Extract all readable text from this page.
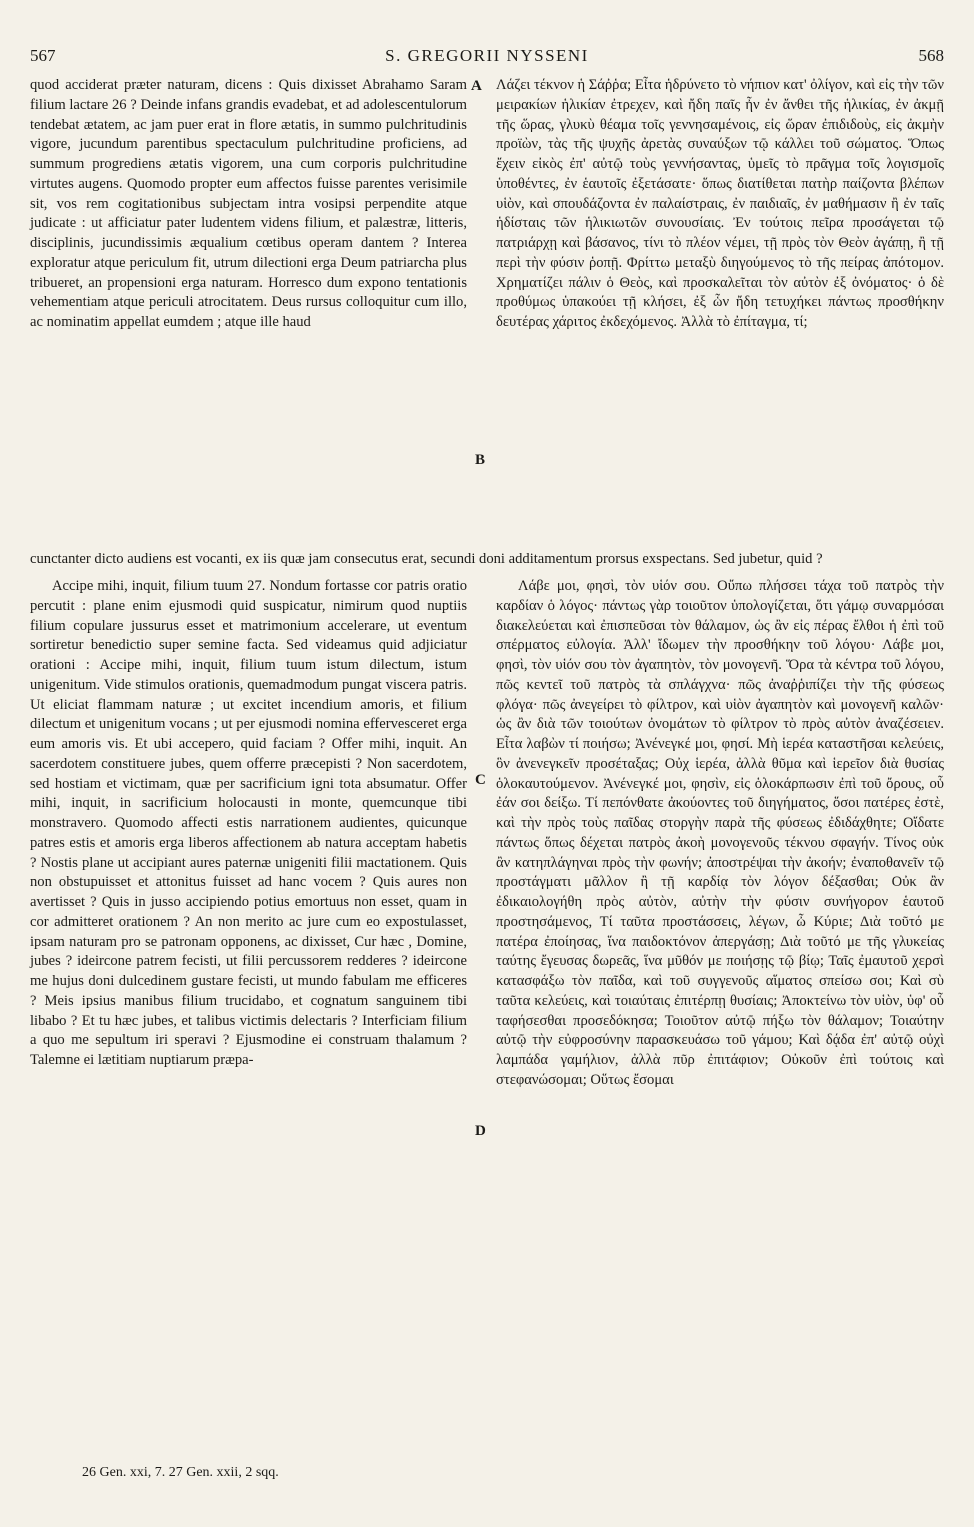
567	S. GREGORII NYSSENI	568

quod acciderat præter naturam, dicens : Quis dixisset Abrahamo Saram filium lactare 26 ? Deinde infans grandis evadebat, et ad adolescentulorum tendebat ætatem, ac jam puer erat in flore ætatis, in summo pulchritudinis vigore, jucundum parentibus spectaculum pulchritudine proficiens, ad summum progrediens ætatis vigorem, una cum corporis pulchritudine virtutes augens. Quomodo propter eum affectos fuisse parentes verisimile sit, vos rem cogitationibus subjectam intra vosipsi perpendite atque judicate : ut afficiatur pater ludentem videns filium, et palæstræ, litteris, disciplinis, jucundissimis æqualium cœtibus operam dantem ? Interea exploratur atque periculum fit, utrum dilectioni erga Deum patriarcha plus tribueret, an propensioni erga naturam. Horresco dum expono tentationis vehementiam atque periculi atrocitatem. Deus rursus colloquitur cum illo, ac nominatim appellat eumdem ; atque ille haud

Λάζει τέκνον ἡ Σάῤῥα; Εἶτα ἡδρύνετο τὸ νήπιον κατ' ὀλίγον, καὶ εἰς τὴν τῶν μειρακίων ἡλικίαν ἐτρεχεν, καὶ ἤδη παῖς ἦν ἐν ἄνθει τῆς ἡλικίας, ἐν ἀκμῇ τῆς ὥρας, γλυκὺ θέαμα τοῖς γεννησαμένοις, εἰς ὥραν ἐπιδιδοὺς, εἰς ἀκμὴν προϊὼν, τὰς τῆς ψυχῆς ἀρετὰς συναύξων τῷ κάλλει τοῦ σώματος. Ὅπως ἔχειν εἰκὸς ἐπ' αὐτῷ τοὺς γεννήσαντας, ὑμεῖς τὸ πρᾶγμα τοῖς λογισμοῖς ὑποθέντες, ἐν ἑαυτοῖς ἐξετάσατε· ὅπως διατίθεται πατὴρ παίζοντα βλέπων υἱὸν, καὶ σπουδάζοντα ἐν παλαίστραις, ἐν παιδιαῖς, ἐν μαθήμασιν ἢ ἐν ταῖς ἡδίσταις τῶν ἡλικιωτῶν συνουσίαις. Ἐν τούτοις πεῖρα προσάγεται τῷ πατριάρχῃ καὶ βάσανος, τίνι τὸ πλέον νέμει, τῇ πρὸς τὸν Θεὸν ἀγάπῃ, ἢ τῇ περὶ τὴν φύσιν ῥοπῇ. Φρίττω μεταξὺ διηγούμενος τὸ τῆς πείρας ἀπότομον. Χρηματίζει πάλιν ὁ Θεὸς, καὶ προσκαλεῖται τὸν αὐτὸν ἐξ ὀνόματος· ὁ δὲ προθύμως ὑπακούει τῇ κλήσει, ἐξ ὧν ἤδη τετυχήκει πάντως προσθήκην δευτέρας χάριτος ἐκδεχόμενος. Ἀλλὰ τὸ ἐπίταγμα, τί;

cunctanter dicto audiens est vocanti, ex iis quæ jam consecutus erat, secundi doni additamentum prorsus exspectans. Sed jubetur, quid ?

Accipe mihi, inquit, filium tuum 27. Nondum fortasse cor patris oratio percutit : plane enim ejusmodi quid suspicatur, nimirum quod nuptiis filium copulare jussurus esset et matrimonium accelerare, ut eventum sortiretur benedictio super semine facta. Sed videamus quid adjiciatur orationi : Accipe mihi, inquit, filium tuum istum dilectum, istum unigenitum. Vide stimulos orationis, quemadmodum pungat viscera patris. Ut eliciat flammam naturæ ; ut excitet incendium amoris, et filium dilectum et unigenitum vocans ; ut per ejusmodi nomina effervesceret erga eum amoris vis. Et ubi accepero, quid faciam ? Offer mihi, inquit. An sacerdotem constituere jubes, quem offerre præcepisti ? Non sacerdotem, sed hostiam et victimam, quæ per sacrificium igni tota absumatur. Offer mihi, inquit, in sacrificium holocausti in monte, quemcunque tibi monstravero. Quomodo affecti estis narrationem audientes, quicunque patres estis et amoris erga liberos affectionem ab natura acceptam habetis ? Nostis plane ut accipiant aures paternæ unigeniti filii mactationem. Quis non obstupuisset et attonitus fuisset ad hanc vocem ? Quis aures non avertisset ? Quis in jusso accipiendo potius emortuus non esset, quam in cor admitteret orationem ? An non merito ac jure cum eo expostulasset, ipsam naturam pro se patronam opponens, ac dixisset, Cur hæc , Domine, jubes ? ideircone patrem fecisti, ut filii percussorem redderes ? ideircone me hujus doni dulcedinem gustare fecisti, ut mundo fabulam me efficeres ? Meis ipsius manibus filium trucidabo, et cognatum sanguinem tibi libabo ? Et tu hæc jubes, et talibus victimis delectaris ? Interficiam filium a quo me sepultum iri speravi ? Ejusmodine ei construam thalamum ? Talemne ei lætitiam nuptiarum præpa-

Λάβε μοι, φησὶ, τὸν υἱόν σου. Οὔπω πλήσσει τάχα τοῦ πατρὸς τὴν καρδίαν ὁ λόγος· πάντως γὰρ τοιοῦτον ὑπολογίζεται, ὅτι γάμῳ συναρμόσαι διακελεύεται καὶ ἐπισπεῦσαι τὸν θάλαμον, ὡς ἂν εἰς πέρας ἔλθοι ἡ ἐπὶ τοῦ σπέρματος εὐλογία. Ἀλλ' ἴδωμεν τὴν προσθήκην τοῦ λόγου· Λάβε μοι, φησὶ, τὸν υἱόν σου τὸν ἀγαπητὸν, τὸν μονογενῆ. Ὅρα τὰ κέντρα τοῦ λόγου, πῶς κεντεῖ τοῦ πατρὸς τὰ σπλάγχνα· πῶς ἀναῤῥιπίζει τὴν τῆς φύσεως φλόγα· πῶς ἀνεγείρει τὸ φίλτρον, καὶ υἱὸν ἀγαπητὸν καὶ μονογενῆ καλῶν· ὡς ἂν διὰ τῶν τοιούτων ὀνομάτων τὸ φίλτρον τὸ πρὸς αὐτὸν ἀναζέσειεν. Εἶτα λαβὼν τί ποιήσω; Ἀνένεγκέ μοι, φησί. Μὴ ἱερέα καταστῆσαι κελεύεις, ὃν ἀνενεγκεῖν προσέταξας; Οὐχ ἱερέα, ἀλλὰ θῦμα καὶ ἱερεῖον διὰ θυσίας ὁλοκαυτούμενον. Ἀνένεγκέ μοι, φησὶν, εἰς ὁλοκάρπωσιν ἐπὶ τοῦ ὄρους, οὗ ἐάν σοι δείξω. Τί πεπόνθατε ἀκούοντες τοῦ διηγήματος, ὅσοι πατέρες ἐστὲ, καὶ τὴν πρὸς τοὺς παῖδας στοργὴν παρὰ τῆς φύσεως ἐδιδάχθητε; Οἴδατε πάντως ὅπως δέχεται πατρὸς ἀκοὴ μονογενοῦς τέκνου σφαγήν. Τίνος οὐκ ἂν κατηπλάγηναι πρὸς τὴν φωνήν; ἀποστρέψαι τὴν ἀκοήν; ἐναποθανεῖν τῷ προστάγματι μᾶλλον ἢ τῇ καρδίᾳ τὸν λόγον δέξασθαι; Οὐκ ἂν ἐδικαιολογήθη πρὸς αὐτὸν, αὐτὴν τὴν φύσιν συνήγορον ἑαυτοῦ προστησάμενος, Τί ταῦτα προστάσσεις, λέγων, ὦ Κύριε; Διὰ τοῦτό με πατέρα ἐποίησας, ἵνα παιδοκτόνον ἀπεργάσῃ; Διὰ τοῦτό με τῆς γλυκείας ταύτης ἔγευσας δωρεᾶς, ἵνα μῦθόν με ποιήσῃς τῷ βίῳ; Ταῖς ἐμαυτοῦ χερσὶ κατασφάξω τὸν παῖδα, καὶ τοῦ συγγενοῦς αἵματος σπείσω σοι; Καὶ σὺ ταῦτα κελεύεις, καὶ τοιαύταις ἐπιτέρπῃ θυσίαις; Ἀποκτείνω τὸν υἱὸν, ὑφ' οὗ ταφήσεσθαι προσεδόκησα; Τοιοῦτον αὐτῷ πήξω τὸν θάλαμον; Τοιαύτην αὐτῷ τὴν εὐφροσύνην παρασκευάσω τοῦ γάμου; Καὶ δᾴδα ἐπ' αὐτῷ οὐχὶ λαμπάδα γαμήλιον, ἀλλὰ πῦρ ἐπιτάφιον; Οὐκοῦν ἐπὶ τούτοις καὶ στεφανώσομαι; Οὕτως ἔσομαι

A
B
C
D
26 Gen. xxi, 7. 27 Gen. xxii, 2 sqq.
